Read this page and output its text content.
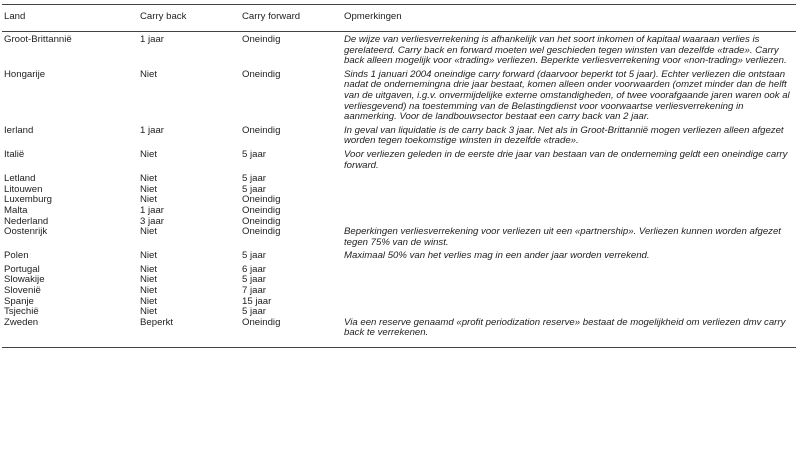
Land	Carry back	Carry forward	Opmerkingen
Groot-Brittannië	1 jaar	Oneindig	De wijze van verliesverrekening is afhankelijk van het soort inkomen of kapitaal waaraan verlies is gerelateerd. Carry back en forward moeten wel geschieden tegen winsten van dezelfde «trade». Carry back alleen mogelijk voor «trading» verliezen. Beperkte verliesverrekening voor «non-trading» verliezen.
Hongarije	Niet	Oneindig	Sinds 1 januari 2004 oneindige carry forward (daarvoor beperkt tot 5 jaar). Echter verliezen die ontstaan nadat de ondernemingna drie jaar bestaat, komen alleen onder voorwaarden (omzet minder dan de helft van de uitgaven, i.g.v. onvermijdelijke externe omstandigheden, of twee voorafgaande jaren waren ook al verliesgevend) na toestemming van de Belastingdienst voor voorwaartse verliesverrekening in aanmerking. Voor de landbouwsector bestaat een carry back van 2 jaar.
Ierland	1 jaar	Oneindig	In geval van liquidatie is de carry back 3 jaar. Net als in Groot-Brittannië mogen verliezen alleen afgezet worden tegen toekomstige winsten in dezelfde «trade».
Italië	Niet	5 jaar	Voor verliezen geleden in de eerste drie jaar van bestaan van de onderneming geldt een oneindige carry forward.
Letland	Niet	5 jaar	
Litouwen	Niet	5 jaar	
Luxemburg	Niet	Oneindig	
Malta	1 jaar	Oneindig	
Nederland	3 jaar	Oneindig	
Oostenrijk	Niet	Oneindig	Beperkingen verliesverrekening voor verliezen uit een «partnership». Verliezen kunnen worden afgezet tegen 75% van de winst.
Polen	Niet	5 jaar	Maximaal 50% van het verlies mag in een ander jaar worden verrekend.
Portugal	Niet	6 jaar	
Slowakije	Niet	5 jaar	
Slovenië	Niet	7 jaar	
Spanje	Niet	15 jaar	
Tsjechië	Niet	5 jaar	
Zweden	Beperkt	Oneindig	Via een reserve genaamd «profit periodization reserve» bestaat de mogelijkheid om verliezen dmv carry back te verrekenen.
